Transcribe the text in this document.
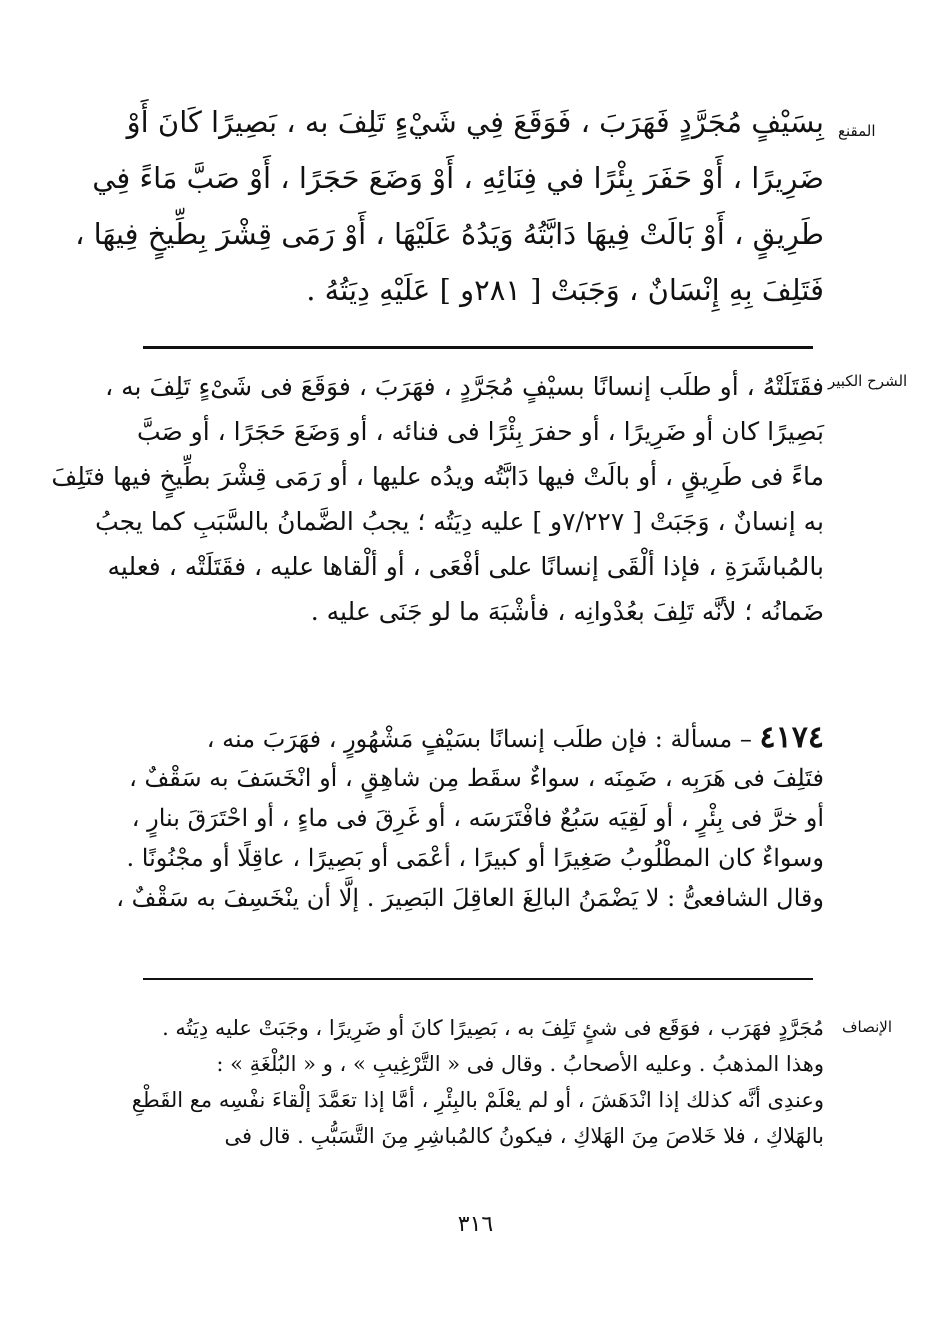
المقنع
بِسَيْفٍ مُجَرَّدٍ فَهَرَبَ ، فَوَقَعَ فِي شَيْءٍ تَلِفَ به ، بَصِيرًا كَانَ أَوْ
ضَرِيرًا ، أَوْ حَفَرَ بِئْرًا في فِنَائِهِ ، أَوْ وَضَعَ حَجَرًا ، أَوْ صَبَّ مَاءً فِي
طَرِيقٍ ، أَوْ بَالَتْ فِيهَا دَابَّتُهُ وَيَدُهُ عَلَيْهَا ، أَوْ رَمَى قِشْرَ بِطِّيخٍ فِيهَا ،
فَتَلِفَ بِهِ إِنْسَانٌ ، وَجَبَتْ [ ٢٨١و ] عَلَيْهِ دِيَتُهُ .
الشرح الكبير
فقَتَلَتْهُ ، أو طلَب إنسانًا بسيْفٍ مُجَرَّدٍ ، فهَرَبَ ، فوَقَعَ فى شَىْءٍ تَلِفَ به ،
بَصِيرًا كان أو ضَرِيرًا ، أو حفرَ بِئْرًا فى فنائه ، أو وَضَعَ حَجَرًا ، أو صَبَّ
ماءً فى طَرِيقٍ ، أو بالَتْ فيها دَابَّتُه ويدُه عليها ، أو رَمَى قِشْرَ بطِّيخٍ فيها فتَلِفَ
به إنسانٌ ، وَجَبَتْ [ ٧/٢٢٧و ] عليه دِيَتُه ؛ يجبُ الضَّمانُ بالسَّبَبِ كما يجبُ
بالمُباشَرَةِ ، فإذا ألْقَى إنسانًا على أفْعَى ، أو ألْقاها عليه ، فقَتَلَتْه ، فعليه
ضَمانُه ؛ لأنَّه تَلِفَ بعُدْوانِه ، فأشْبَهَ ما لو جَنَى عليه .
٤١٧٤ – مسألة : فإن طلَب إنسانًا بسَيْفٍ مَشْهُورٍ ، فهَرَبَ منه ،
فتَلِفَ فى هَرَبِه ، ضَمِنَه ، سواءٌ سقَط مِن شاهِقٍ ، أو انْخَسَفَ به سَقْفٌ ،
أو خرَّ فى بِئْرٍ ، أو لَقِيَه سَبُعٌ فافْتَرَسَه ، أو غَرِقَ فى ماءٍ ، أو احْتَرَقَ بنارٍ ،
وسواءٌ كان المطْلُوبُ صَغِيرًا أو كبيرًا ، أعْمَى أو بَصِيرًا ، عاقِلًا أو مجْنُونًا .
وقال الشافعىُّ : لا يَضْمَنُ البالِغَ العاقِلَ البَصِيرَ . إلَّا أن ينْخَسِفَ به سَقْفٌ ،
الإنصاف
مُجَرَّدٍ فهَرَب ، فوَقَع فى شئٍ تَلِفَ به ، بَصِيرًا كانَ أو ضَرِيرًا ، وجَبَتْ عليه دِيَتُه .
وهذا المذهبُ . وعليه الأصحابُ . وقال فى « التَّرْغِيبِ » ، و « البُلْغَةِ » :
وعندِى أنَّه كذلك إذا انْدَهَشَ ، أو لم يعْلَمْ بالبِئْرِ ، أمَّا إذا تعَمَّدَ إلْقاءَ نفْسِه مع القَطْعِ
بالهَلاكِ ، فلا خَلاصَ مِنَ الهَلاكِ ، فيكونُ كالمُباشِرِ مِنَ التَّسَبُّبِ . قال فى
٣١٦
